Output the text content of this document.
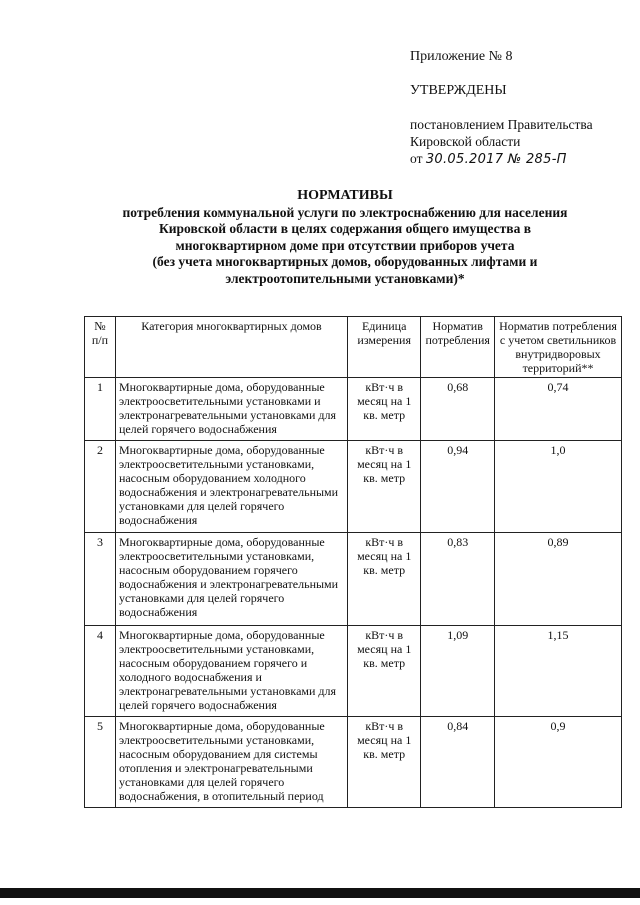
Приложение № 8
УТВЕРЖДЕНЫ
постановлением Правительства
Кировской области
от 30.05.2017 № 285-П
НОРМАТИВЫ
потребления коммунальной услуги по электроснабжению для населения
Кировской области в целях содержания общего имущества в
многоквартирном доме при отсутствии приборов учета
(без учета многоквартирных домов, оборудованных лифтами и
электроотопительными установками)*
№ п/п	Категория многоквартирных домов	Единица измерения	Норматив потребления	Норматив потребления с учетом светильников внутридворовых территорий**
1	Многоквартирные дома, оборудованные электроосветительными установками и электронагревательными установками для целей горячего водоснабжения	кВт·ч в месяц на 1 кв. метр	0,68	0,74
2	Многоквартирные дома, оборудованные электроосветительными установками, насосным оборудованием холодного водоснабжения и электронагревательными установками для целей горячего водоснабжения	кВт·ч в месяц на 1 кв. метр	0,94	1,0
3	Многоквартирные дома, оборудованные электроосветительными установками, насосным оборудованием горячего водоснабжения и электронагревательными установками для целей горячего водоснабжения	кВт·ч в месяц на 1 кв. метр	0,83	0,89
4	Многоквартирные дома, оборудованные электроосветительными установками, насосным оборудованием горячего и холодного водоснабжения и электронагревательными установками для целей горячего водоснабжения	кВт·ч в месяц на 1 кв. метр	1,09	1,15
5	Многоквартирные дома, оборудованные электроосветительными установками, насосным оборудованием для системы отопления и электронагревательными установками для целей горячего водоснабжения, в отопительный период	кВт·ч в месяц на 1 кв. метр	0,84	0,9
